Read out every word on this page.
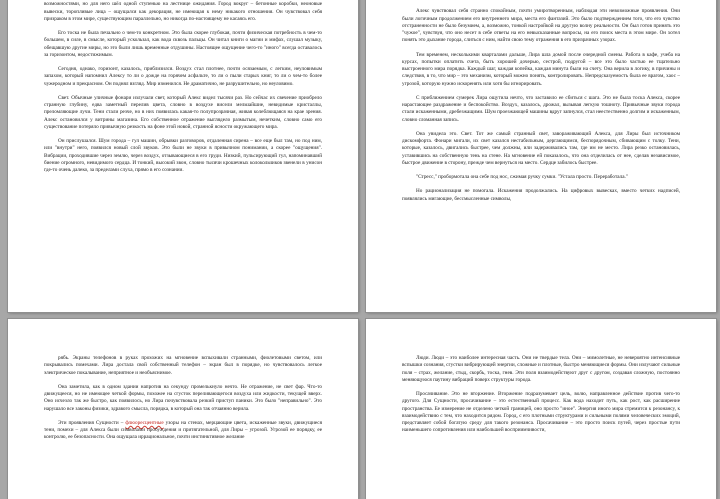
возможностями, но для него шёл одной ступенью на лестнице ожидания. Город вокруг – бетонные коробки, неоновые вывески, торопливые лица – ощущался как декорация, не имеющая к нему никакого отношения. Он чувствовал себя призраком в этом мире, существующим параллельно, но никогда по-настоящему не касаясь его.

Его тоска не была печально о чем-то конкретном. Это была скорее глубокая, почти физическая потребность в чем-то большем, в силе, в смысле, который ускользал, как вода сквозь пальцы. Он читал книги о магии и мифах, слушал музыку, обещавшую другие миры, но это были лишь временные отдушины. Настоящее ощущение чего-то "иного" всегда оставалось за горизонтом, недостижимым.

Сегодня, однако, горизонт, казалось, приблизился. Воздух стал плотнее, почти осязаемым, с легким, неуловимым запахом, который напомнил Алексу то ли о дожде на горячем асфальте, то ли о пыли старых книг, то ли о чем-то более чужеродном и прекрасном. Он поднял взгляд. Мир изменился. Не драматично, не разрушительно, но неуловимо.

Свет. Обычные уличные фонари излучали свет, который Алекс видел тысячи раз. Но сейчас их свечение приобрело странную глубину, едва заметный перелив цвета, словно в воздухе висели мельчайшие, невидимые кристаллы, преломляющие лучи. Тени стали резче, но в них появилась какая-то полупрозрачная, живая колеблющаяся на крае зрения. Алекс остановился у витрины магазина. Его собственное отражение выглядело размытым, нечетким, словно само его существование потеряло привычную резкость на фоне этой новой, странной ясности окружающего мира.

Он прислушался. Шум города – гул машин, обрывки разговоров, отдаленная сирена – все еще был там, но под ним, или "внутри" него, появился новый слой звуков. Это были не звуки в привычном понимании, а скорее "ощущения". Вибрации, проходившие через землю, через воздух, отзывающиеся в его груди. Низкий, пульсирующий гул, напоминавший биение огромного, невидимого сердца. И тонкий, высокий звон, словно тысячи крошечных колокольчиков звенели в унисон где-то очень далеко, за пределами слуха, прямо в его сознании.

Алекс чувствовал себя странно спокойным, почти умиротворенным, наблюдая эти невозможные проявления. Они были логичным продолжением его внутреннего мира, места его фантазий. Это было подтверждением того, что его чувство отстраненности не было безумием, а, возможно, тонкой настройкой на другую волну реальности. Он был готов принять это "чужое", чувствуя, что оно несет в себе ответы на его невысказанные вопросы, на его поиск места в этом мире. Он хотел понять это дыхание города, слиться с ним, найти свою тему отражения в его призрачных узорах.

Тем временем, несколькими кварталами дальше, Лира шла домой после очередной смены. Работа в кафе, учеба на курсах, попытки оплатить счета, быть хорошей дочерью, сестрой, подругой – все это было частью ее тщательно выстроенного мира порядка. Каждый шаг, каждая копейка, каждая минута были на счету. Она верила в логику, в причины и следствия, в то, что мир – это механизм, который можно понять, контролировать. Непредсказуемость была ее врагом, хаос – угрозой, которую нужно искоренять или хотя бы игнорировать.

С приближением сумерек Лира ощутила нечто, что заставило ее сбиться с шага. Это не была тоска Алекса, скорее нарастающее раздражение и беспокойство. Воздух, казалось, дрожал, вызывая легкую тошноту. Привычные звуки города стали искаженными, дребезжащими. Шум проезжающей машины вдруг запнулся, стал неестественно долгим и искаженным, словно сломанная запись.

Она увидела это. Свет. Тот же самый странный свет, завораживающий Алекса, для Лиры был источником дискомфорта. Фонари мигали, их свет казался нестабильным, дергающимся, беспорядочным, сбивающим с толку. Тени, которые, казалось, двигались быстрее, чем должны, или задерживались там, где им не место. Лира резко остановилась, уставившись на собственную тень на стене. На мгновение ей показалось, что она отделилась от нее, сделав независимое, быстрое движение в сторону, прежде чем вернуться на место. Сердце забилось быстрее.

"Стресс," пробормотала она себе под нос, сжимая ручку сумки. "Устала просто. Переработала."

Но рационализация не помогала. Искажения продолжались. На цифровых вывесках, вместо четких надписей, появлялись мигающие, бессмысленные символы,

рябь. Экраны телефонов в руках прохожих на мгновение вспыхивали странными, фиолетовыми светом, или покрывались помехами. Лира достала свой собственный телефон – экран был в порядке, но чувствовалось легкое электрическое покалывание, неприятное и необъяснимое.

Она заметила, как в одном здании напротив на секунду промелькнуло нечто. Не отражение, не свет фар. Что-то движущееся, но не имеющее четкой формы, похожее на сгусток переливающегося воздуха или жидкости, текущей вверх. Оно исчезло так же быстро, как появилось, но Лира почувствовала резкий приступ паники. Это было "неправильно". Это нарушало все законы физики, здравого смысла, порядка, в который она так отчаянно верила.

Эти проявления Сущности – флюоресцентные узоры на стенах, мерцающие цвета, искаженные звуки, движущиеся тени, помехи – для Алекса были символами пробуждения и притягательной, для Лиры – угрозой. Угрозой ее порядку, ее контролю, ее безопасности. Она ощущала иррациональное, почти инстинктивное желание

Люди. Люди – это наиболее интересная часть. Они не твердые тела. Они – мимолетные, не невероятно интенсивные вспышки сознания, сгустки вибрирующей энергии, сложные и плотные, быстро меняющиеся формы. Они излучают сильные поля – страх, желание, стыд, скорбь, тоска, гнев. Эти поля взаимодействуют друг с другом, создавая сложную, постоянно меняющуюся паутину вибраций поверх структуры города.

Просачивание. Это не вторжение. Вторжение подразумевает цель, волю, направленное действие против чего-то другого. Для Сущности, просачивание – это естественный процесс. Как вода находит путь, как рост, как расширение пространства. Ее измерение не отделено четкой границей, оно просто "иное". Энергия иного мира стремится к резонансу, к взаимодействию с тем, что находится рядом. Город, с его плотными структурами и сильными полями человеческих эмоций, представляет собой богатую среду для такого резонанса. Просачивание – это просто поиск путей, через простые пути наименьшего сопротивления или наибольшей восприимчивости,
